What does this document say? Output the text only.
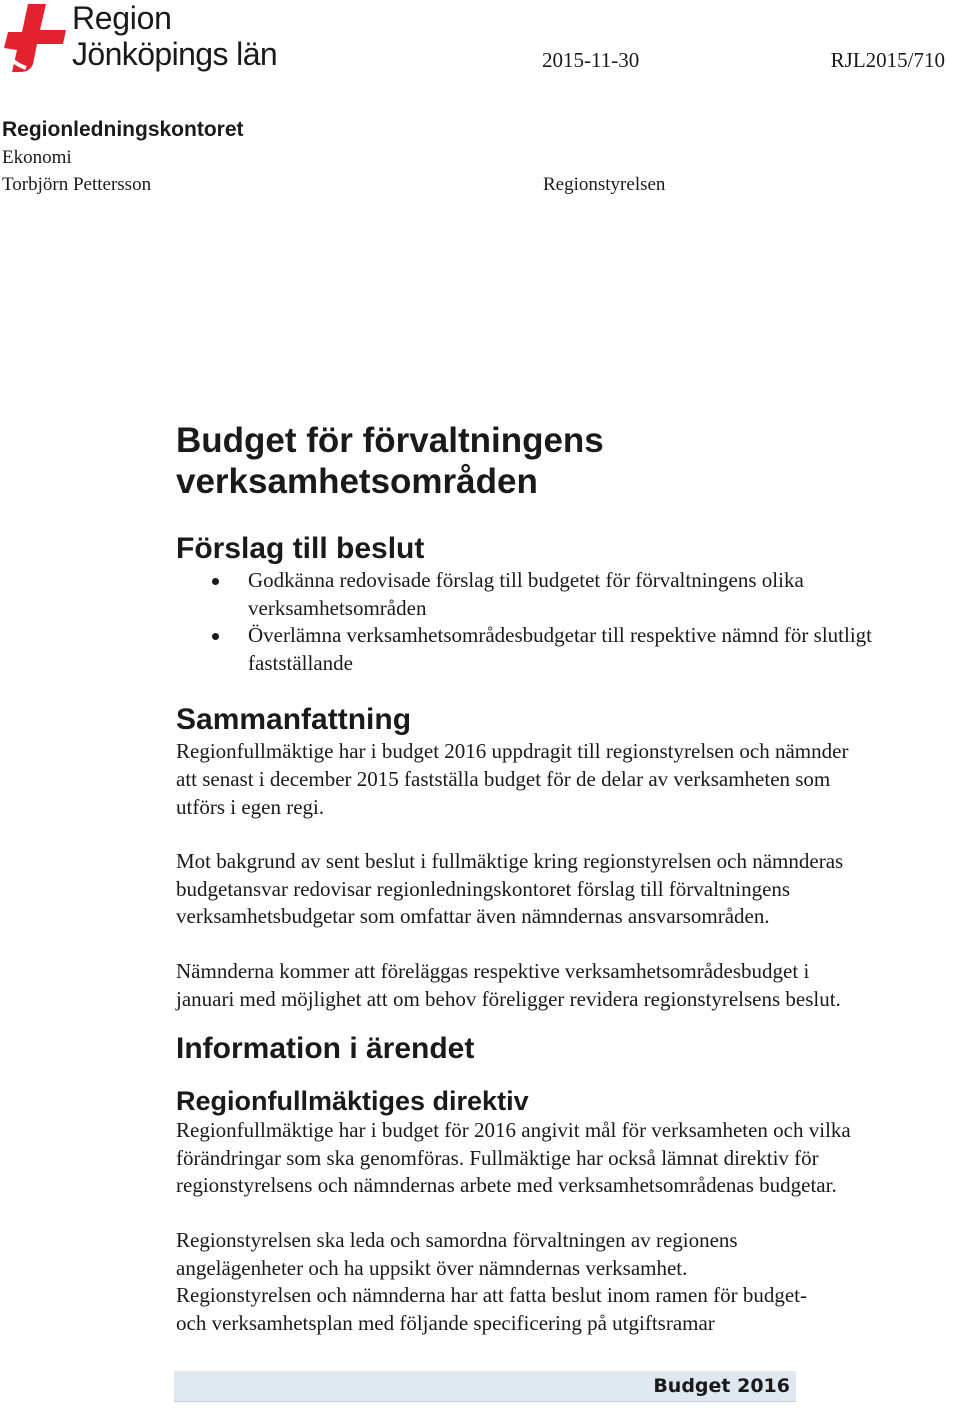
Region
Jönköpings län	2015-11-30	RJL2015/710
Regionledningskontoret
Ekonomi
Torbjörn Pettersson	Regionstyrelsen
Budget för förvaltningens
verksamhetsområden
Förslag till beslut
Godkänna redovisade förslag till budgetet för förvaltningens olika
verksamhetsområden
Överlämna verksamhetsområdesbudgetar till respektive nämnd för slutligt
fastställande
Sammanfattning

Regionfullmäktige har i budget 2016 uppdragit till regionstyrelsen och nämnder
att senast i december 2015 fastställa budget för de delar av verksamheten som
utförs i egen regi.

Mot bakgrund av sent beslut i fullmäktige kring regionstyrelsen och nämnderas
budgetansvar redovisar regionledningskontoret förslag till förvaltningens
verksamhetsbudgetar som omfattar även nämndernas ansvarsområden.

Nämnderna kommer att föreläggas respektive verksamhetsområdesbudget i
januari med möjlighet att om behov föreligger revidera regionstyrelsens beslut.

Information i ärendet
Regionfullmäktiges direktiv

Regionfullmäktige har i budget för 2016 angivit mål för verksamheten och vilka
förändringar som ska genomföras. Fullmäktige har också lämnat direktiv för
regionstyrelsens och nämndernas arbete med verksamhetsområdenas budgetar.

Regionstyrelsen ska leda och samordna förvaltningen av regionens
angelägenheter och ha uppsikt över nämndernas verksamhet.
Regionstyrelsen och nämnderna har att fatta beslut inom ramen för budget-
och verksamhetsplan med följande specificering på utgiftsramar

Budget 2016
